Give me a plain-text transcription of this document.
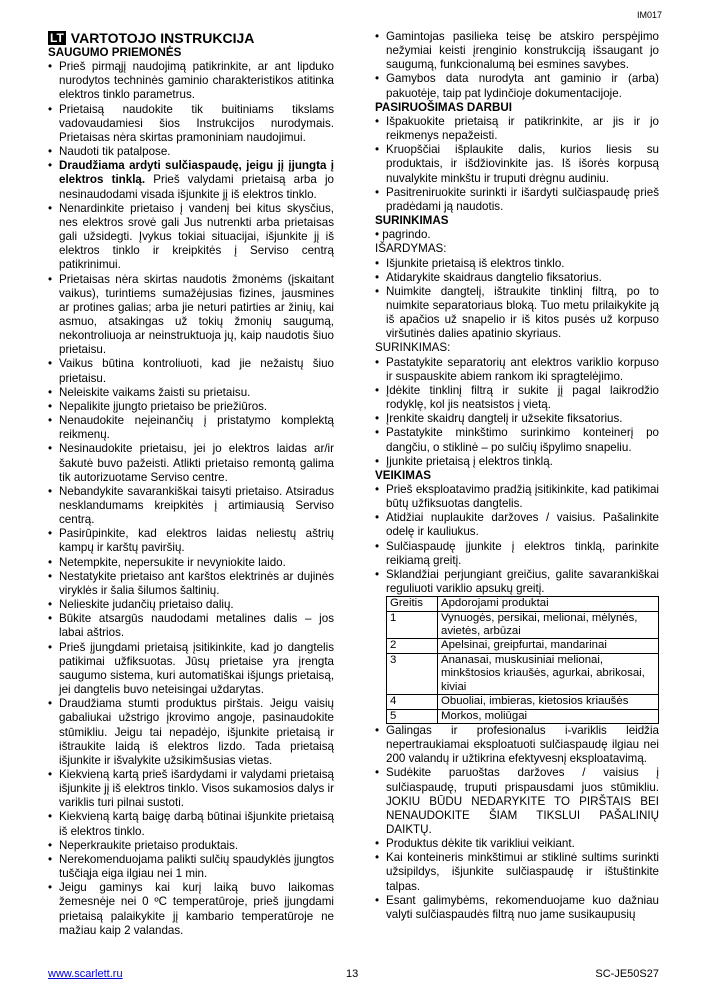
IM017
LT VARTOTOJO INSTRUKCIJA

SAUGUMO PRIEMONĖS

• Prieš pirmąjį naudojimą patikrinkite, ar ant lipduko nurodytos techninės gaminio charakteristikos atitinka elektros tinklo parametrus.
• Prietaisą naudokite tik buitiniams tikslams vadovaudamiesi šios Instrukcijos nurodymais. Prietaisas nėra skirtas pramoniniam naudojimui.
• Naudoti tik patalpose.
• Draudžiama ardyti sulčiaspaudę, jeigu jį įjungta į elektros tinklą. Prieš valydami prietaisą arba jo nesinaudodami visada išjunkite jį iš elektros tinklo.
• Nenardinkite prietaiso į vandenį bei kitus skysčius, nes elektros srovė gali Jus nutrenkti arba prietaisas gali užsidegti. Įvykus tokiai situacijai, išjunkite jį iš elektros tinklo ir kreipkitės į Serviso centrą patikrinimui.
• Prietaisas nėra skirtas naudotis žmonėms (įskaitant vaikus), turintiems sumažėjusias fizines, jausmines ar protines galias; arba jie neturi patirties ar žinių, kai asmuo, atsakingas už tokių žmonių saugumą, nekontroliuoja ar neinstruktuoja jų, kaip naudotis šiuo prietaisu.
• Vaikus būtina kontroliuoti, kad jie nežaistų šiuo prietaisu.
• Neleiskite vaikams žaisti su prietaisu.
• Nepalikite įjungto prietaiso be priežiūros.
• Nenaudokite neįeinančių į pristatymo komplektą reikmenų.
• Nesinaudokite prietaisu, jei jo elektros laidas ar/ir šakutė buvo pažeisti. Atlikti prietaiso remontą galima tik autorizuotame Serviso centre.
• Nebandykite savarankiškai taisyti prietaiso. Atsiradus nesklandumams kreipkitės į artimiausią Serviso centrą.
• Pasirūpinkite, kad elektros laidas neliestų aštrių kampų ir karštų paviršių.
• Netempkite, nepersukite ir nevyniokite laido.
• Nestatykite prietaiso ant karštos elektrinės ar dujinės viryklės ir šalia šilumos šaltinių.
• Nelieskite judančių prietaiso dalių.
• Būkite atsargūs naudodami metalines dalis – jos labai aštrios.
• Prieš įjungdami prietaisą įsitikinkite, kad jo dangtelis patikimai užfiksuotas. Jūsų prietaise yra įrengta saugumo sistema, kuri automatiškai išjungs prietaisą, jei dangtelis buvo neteisingai uždarytas.
• Draudžiama stumti produktus pirštais. Jeigu vaisių gabaliukai užstrigo įkrovimo angoje, pasinaudokite stūmikliu. Jeigu tai nepadėjo, išjunkite prietaisą ir ištraukite laidą iš elektros lizdo. Tada prietaisą išjunkite ir išvalykite užsikimšusias vietas.
• Kiekvieną kartą prieš išardydami ir valydami prietaisą išjunkite jį iš elektros tinklo. Visos sukamosios dalys ir variklis turi pilnai sustoti.
• Kiekvieną kartą baigę darbą būtinai išjunkite prietaisą iš elektros tinklo.
• Neperkraukite prietaiso produktais.
• Nerekomenduojama palikti sulčių spaudyklės įjungtos tuščiąja eiga ilgiau nei 1 min.
• Jeigu gaminys kai kurį laiką buvo laikomas žemesnėje nei 0 ºC temperatūroje, prieš įjungdami prietaisą palaikykite jį kambario temperatūroje ne mažiau kaip 2 valandas.
• Gamintojas pasilieka teisę be atskiro perspėjimo nežymiai keisti įrenginio konstrukciją išsaugant jo saugumą, funkcionalumą bei esmines savybes.
• Gamybos data nurodyta ant gaminio ir (arba) pakuotėje, taip pat lydinčioje dokumentacijoje.

PASIRUOŠIMAS DARBUI

• Išpakuokite prietaisą ir patikrinkite, ar jis ir jo reikmenys nepažeisti.
• Kruopščiai išplaukite dalis, kurios liesis su produktais, ir išdžiovinkite jas. Iš išorės korpusą nuvalykite minkštu ir truputi drėgnu audiniu.
• Pasitreniruokite surinkti ir išardyti sulčiaspaudę prieš pradėdami ją naudotis.

SURINKIMAS

• pagrindo.

IŠARDYMAS:

• Išjunkite prietaisą iš elektros tinklo.
• Atidarykite skaidraus dangtelio fiksatorius.
• Nuimkite dangtelį, ištraukite tinklinį filtrą, po to nuimkite separatoriaus bloką. Tuo metu prilaikykite ją iš apačios už snapelio ir iš kitos pusės už korpuso viršutinės dalies apatinio skyriaus.

SURINKIMAS:

• Pastatykite separatorių ant elektros variklio korpuso ir suspauskite abiem rankom iki spragtelėjimo.
• Įdėkite tinklinį filtrą ir sukite jį pagal laikrodžio rodyklę, kol jis neatsistos į vietą.
• Įrenkite skaidrų dangtelį ir užsekite fiksatorius.
• Pastatykite minkštimo surinkimo konteinerį po dangčiu, o stiklinė – po sulčių išpylimo snapeliu.
• Įjunkite prietaisą į elektros tinklą.

VEIKIMAS

• Prieš eksploatavimo pradžią įsitikinkite, kad patikimai būtų užfiksuotas dangtelis.
• Atidžiai nuplaukite daržoves / vaisius. Pašalinkite odelę ir kauliukus.
• Sulčiaspaudę įjunkite į elektros tinklą, parinkite reikiamą greitį.
• Sklandžiai perjungiant greičius, galite savarankiškai reguliuoti variklio apsukų greitį.
Greitis	Apdorojami produktai
1	Vynuogės, persikai, melionai, mėlynės, avietės, arbūzai
2	Apelsinai, greipfurtai, mandarinai
3	Ananasai, muskusiniai melionai, minkštosios kriaušės, agurkai, abrikosai, kiviai
4	Obuoliai, imbieras, kietosios kriaušės
5	Morkos, moliūgai
• Galingas ir profesionalus i-variklis leidžia nepertraukiamai eksploatuoti sulčiaspaudę ilgiau nei 200 valandų ir užtikrina efektyvesnį eksploatavimą.
• Sudėkite paruoštas daržoves / vaisius į sulčiaspaudę, truputi prispausdami juos stūmikliu. JOKIU BŪDU NEDARYKITE TO PIRŠTAIS BEI NENAUDOKITE ŠIAM TIKSLUI PAŠALINIŲ DAIKTŲ.
• Produktus dėkite tik varikliui veikiant.
• Kai konteineris minkštimui ar stiklinė sultims surinkti užsipildys, išjunkite sulčiaspaudę ir ištuštinkite talpas.
• Esant galimybėms, rekomenduojame kuo dažniau valyti sulčiaspaudės filtrą nuo jame susikaupusių
www.scarlett.ru	13	SC-JE50S27
